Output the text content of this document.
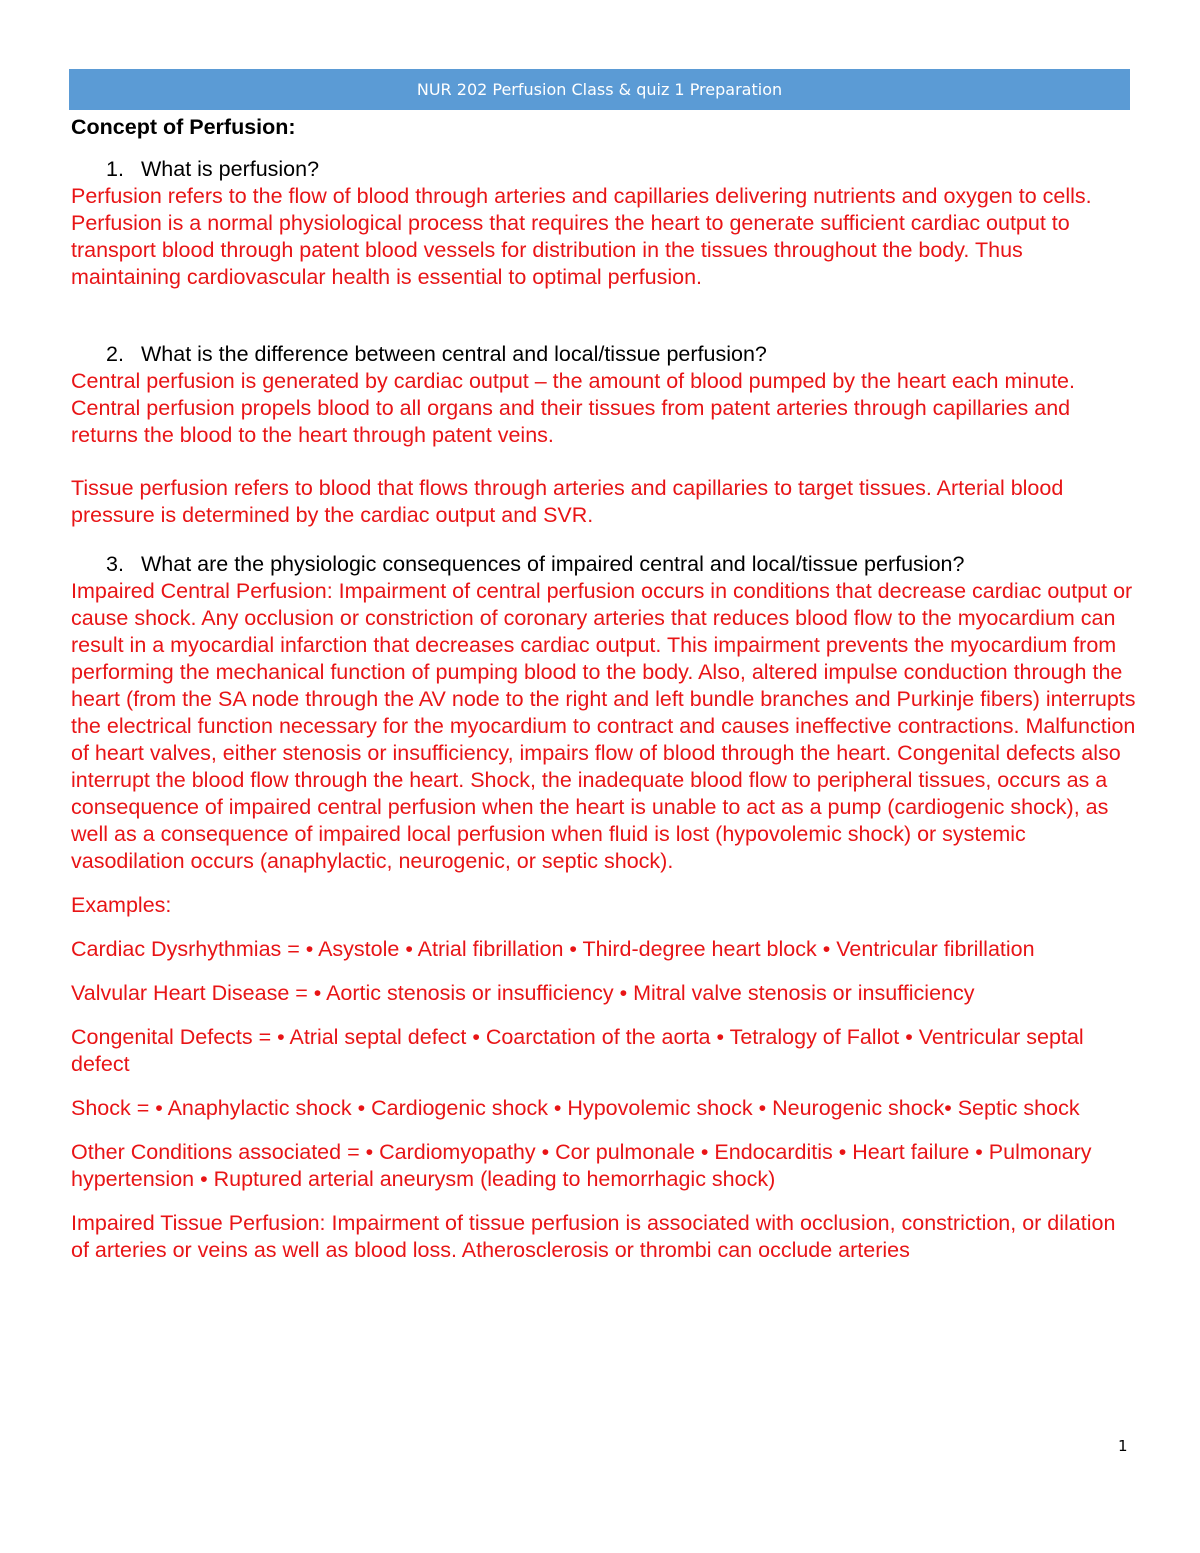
NUR 202 Perfusion Class & quiz 1 Preparation

Concept of Perfusion:

1. What is perfusion?

Perfusion refers to the flow of blood through arteries and capillaries delivering nutrients and oxygen to cells. Perfusion is a normal physiological process that requires the heart to generate sufficient cardiac output to transport blood through patent blood vessels for distribution in the tissues throughout the body. Thus maintaining cardiovascular health is essential to optimal perfusion.

2. What is the difference between central and local/tissue perfusion?

Central perfusion is generated by cardiac output – the amount of blood pumped by the heart each minute. Central perfusion propels blood to all organs and their tissues from patent arteries through capillaries and returns the blood to the heart through patent veins.

Tissue perfusion refers to blood that flows through arteries and capillaries to target tissues. Arterial blood pressure is determined by the cardiac output and SVR.

3. What are the physiologic consequences of impaired central and local/tissue perfusion?

Impaired Central Perfusion: Impairment of central perfusion occurs in conditions that decrease cardiac output or cause shock. Any occlusion or constriction of coronary arteries that reduces blood flow to the myocardium can result in a myocardial infarction that decreases cardiac output. This impairment prevents the myocardium from performing the mechanical function of pumping blood to the body. Also, altered impulse conduction through the heart (from the SA node through the AV node to the right and left bundle branches and Purkinje fibers) interrupts the electrical function necessary for the myocardium to contract and causes ineffective contractions. Malfunction of heart valves, either stenosis or insufficiency, impairs flow of blood through the heart. Congenital defects also interrupt the blood flow through the heart. Shock, the inadequate blood flow to peripheral tissues, occurs as a consequence of impaired central perfusion when the heart is unable to act as a pump (cardiogenic shock), as well as a consequence of impaired local perfusion when fluid is lost (hypovolemic shock) or systemic vasodilation occurs (anaphylactic, neurogenic, or septic shock).

Examples:

Cardiac Dysrhythmias = • Asystole • Atrial fibrillation • Third-degree heart block • Ventricular fibrillation

Valvular Heart Disease = • Aortic stenosis or insufficiency • Mitral valve stenosis or insufficiency

Congenital Defects = • Atrial septal defect • Coarctation of the aorta • Tetralogy of Fallot • Ventricular septal defect

Shock = • Anaphylactic shock • Cardiogenic shock • Hypovolemic shock • Neurogenic shock• Septic shock

Other Conditions associated = • Cardiomyopathy • Cor pulmonale • Endocarditis • Heart failure • Pulmonary hypertension • Ruptured arterial aneurysm (leading to hemorrhagic shock)

Impaired Tissue Perfusion: Impairment of tissue perfusion is associated with occlusion, constriction, or dilation of arteries or veins as well as blood loss. Atherosclerosis or thrombi can occlude arteries

1
